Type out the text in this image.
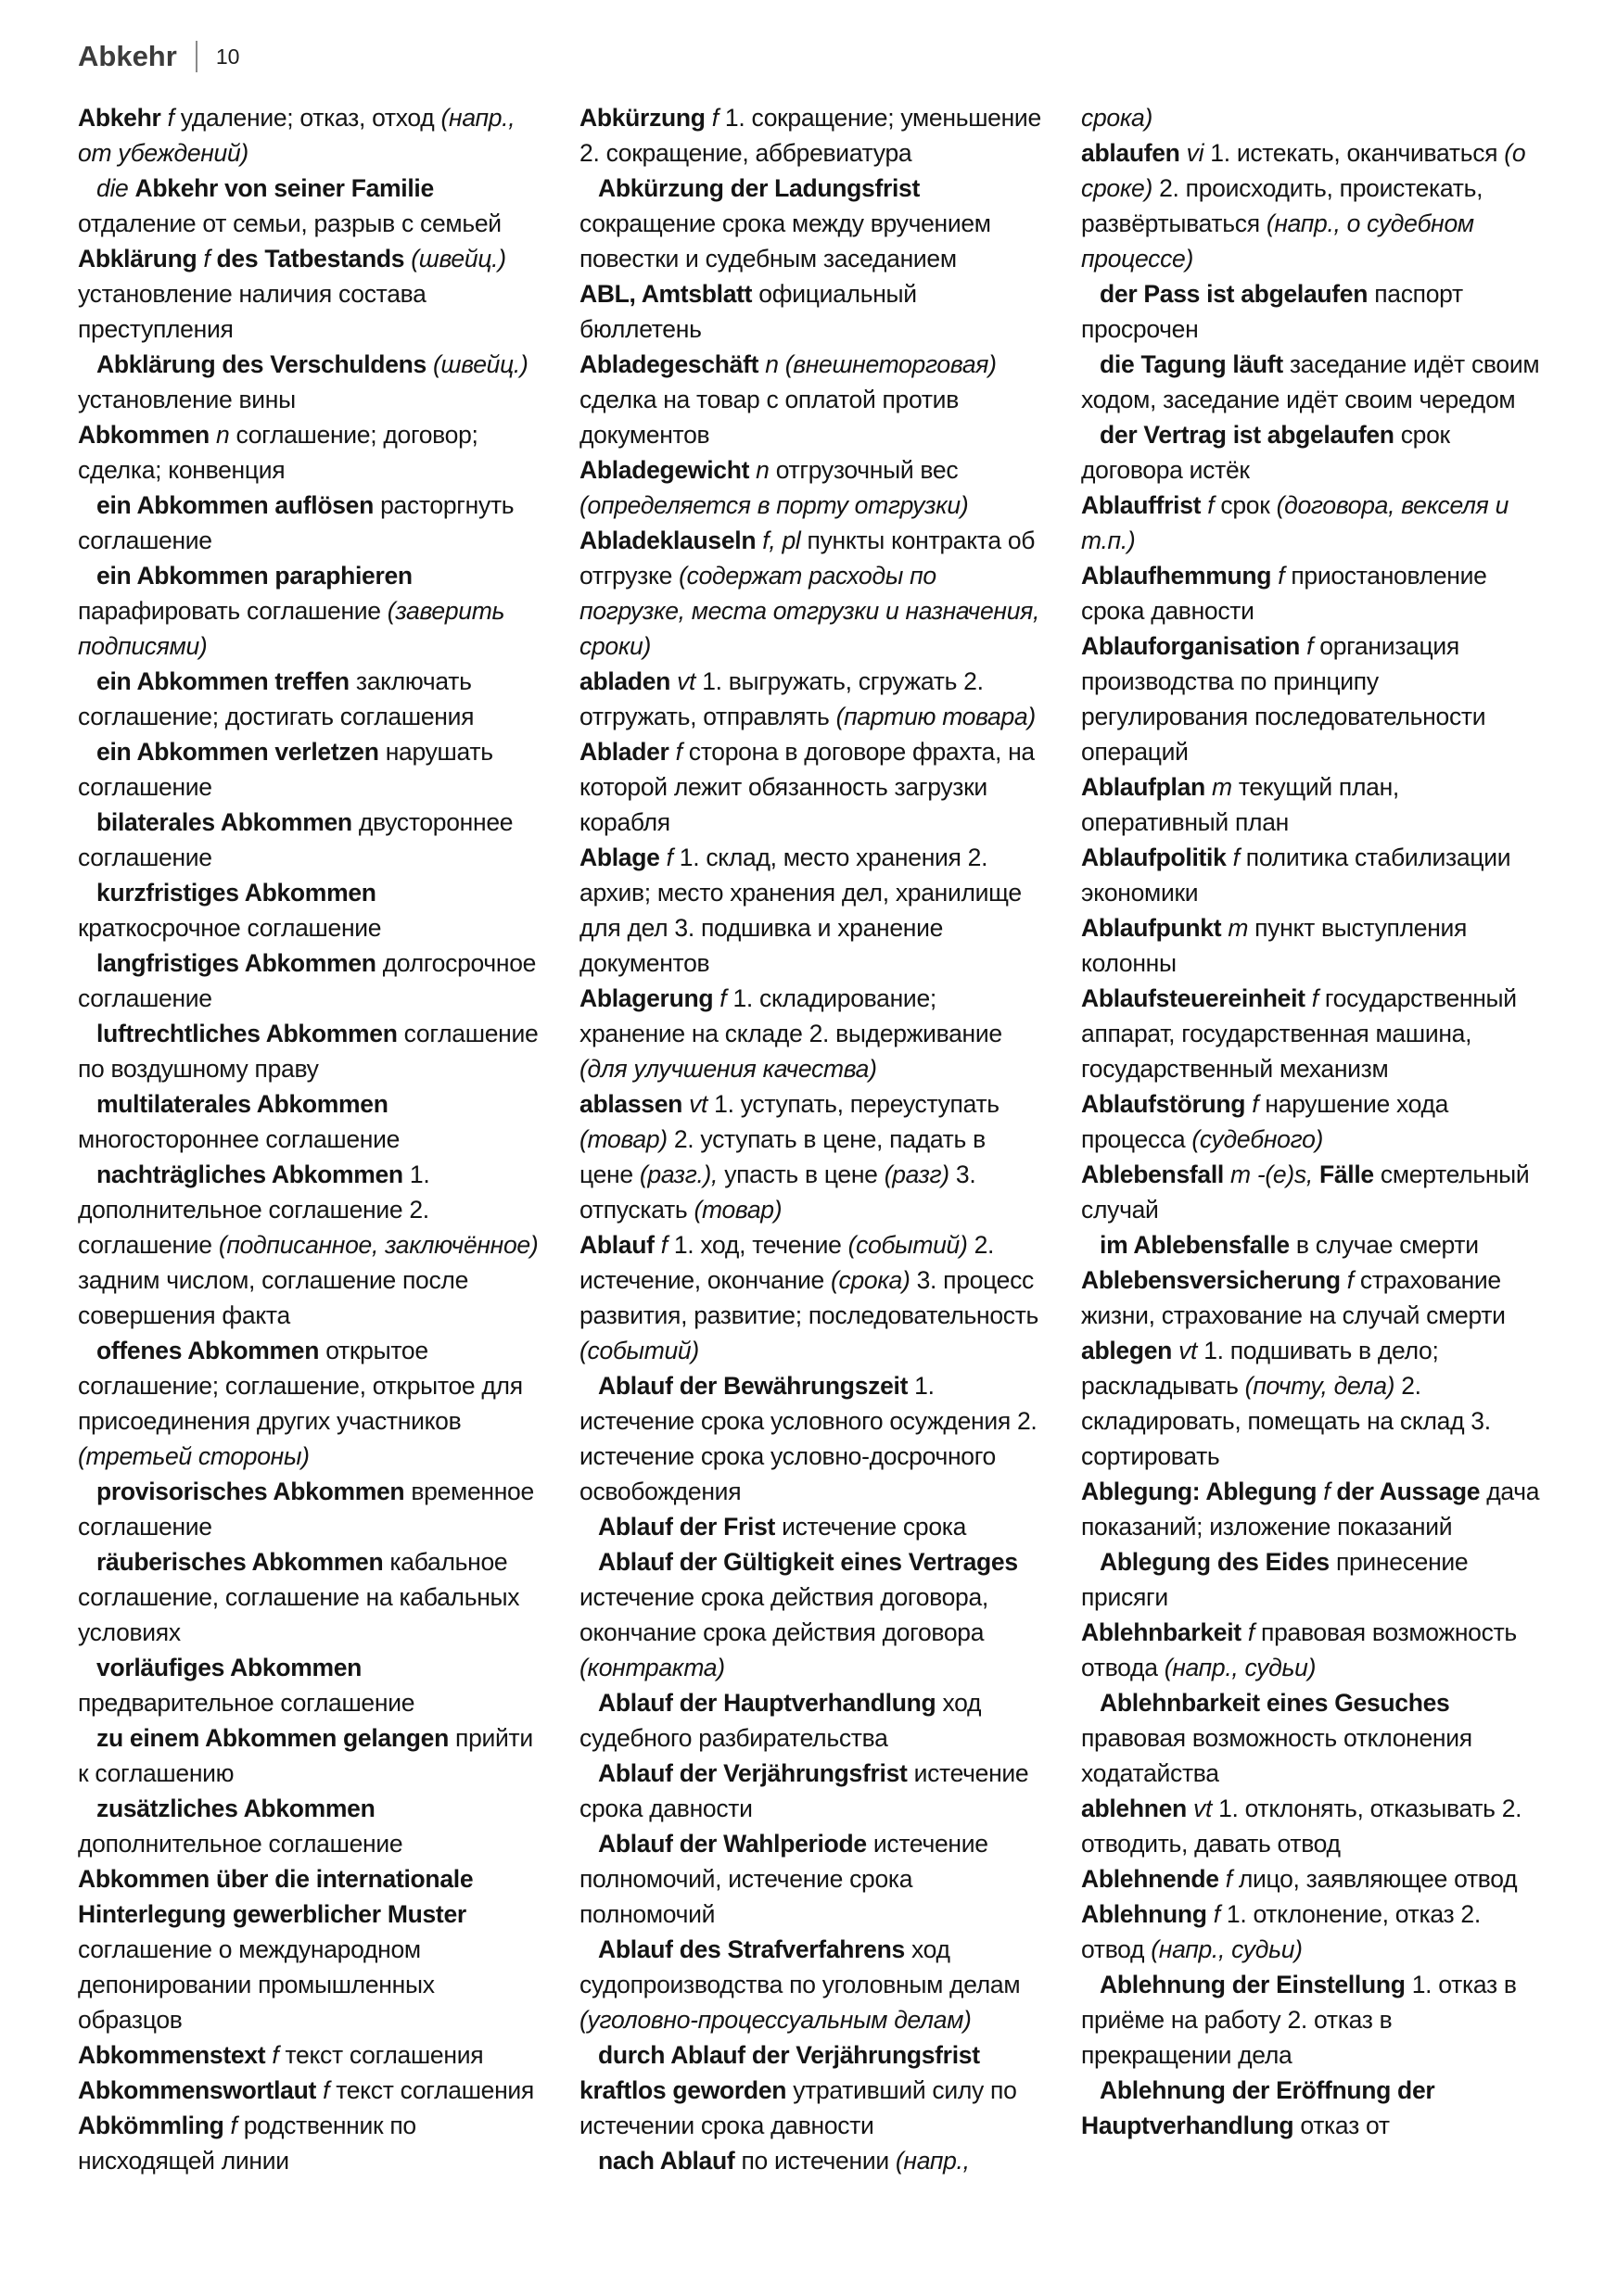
Abkehr 10

Abkehr f удаление; отказ, отход (напр., от убеждений)

die Abkehr von seiner Familie отдаление от семьи, разрыв с семьей

Abklärung f des Tatbestands (швейц.) установление наличия состава преступления

Abklärung des Verschuldens (швейц.) установление вины

Abkommen n соглашение; договор; сделка; конвенция

ein Abkommen auflösen расторгнуть соглашение

ein Abkommen paraphieren парафировать соглашение (заверить подписями)

ein Abkommen treffen заключать соглашение; достигать соглашения

ein Abkommen verletzen нарушать соглашение

bilaterales Abkommen двустороннее соглашение

kurzfristiges Abkommen краткосрочное соглашение

langfristiges Abkommen долгосрочное соглашение

luftrechtliches Abkommen соглашение по воздушному праву

multilaterales Abkommen многостороннее соглашение

nachträgliches Abkommen 1. дополнительное соглашение 2. соглашение (подписанное, заключённое) задним числом, соглашение после совершения факта

offenes Abkommen открытое соглашение; соглашение, открытое для присоединения других участников (третьей стороны)

provisorisches Abkommen временное соглашение

räuberisches Abkommen кабальное соглашение, соглашение на кабальных условиях

vorläufiges Abkommen предварительное соглашение

zu einem Abkommen gelangen прийти к соглашению

zusätzliches Abkommen дополнительное соглашение

Abkommen über die internationale Hinterlegung gewerblicher Muster соглашение о международном депонировании промышленных образцов

Abkommenstext f текст соглашения

Abkommenswortlaut f текст соглашения

Abkömmling f родственник по нисходящей линии

Abkürzung f 1. сокращение; уменьшение 2. сокращение, аббревиатура

Abkürzung der Ladungsfrist сокращение срока между вручением повестки и судебным заседанием

ABL, Amtsblatt официальный бюллетень

Abladegeschäft n (внешнеторговая) сделка на товар с оплатой против документов

Abladegewicht n отгрузочный вес (определяется в порту отгрузки)

Abladeklauseln f, pl пункты контракта об отгрузке (содержат расходы по погрузке, места отгрузки и назначения, сроки)

abladen vt 1. выгружать, сгружать 2. отгружать, отправлять (партию товара)

Ablader f сторона в договоре фрахта, на которой лежит обязанность загрузки корабля

Ablage f 1. склад, место хранения 2. архив; место хранения дел, хранилище для дел 3. подшивка и хранение документов

Ablagerung f 1. складирование; хранение на складе 2. выдерживание (для улучшения качества)

ablassen vt 1. уступать, переуступать (товар) 2. уступать в цене, падать в цене (разг.), упасть в цене (разг) 3. отпускать (товар)

Ablauf f 1. ход, течение (событий) 2. истечение, окончание (срока) 3. процесс развития, развитие; последовательность (событий)

Ablauf der Bewährungszeit 1. истечение срока условного осуждения 2. истечение срока условно-досрочного освобождения

Ablauf der Frist истечение срока

Ablauf der Gültigkeit eines Vertrages истечение срока действия договора, окончание срока действия договора (контракта)

Ablauf der Hauptverhandlung ход судебного разбирательства

Ablauf der Verjährungsfrist истечение срока давности

Ablauf der Wahlperiode истечение полномочий, истечение срока полномочий

Ablauf des Strafverfahrens ход судопроизводства по уголовным делам (уголовно-процессуальным делам)

durch Ablauf der Verjährungsfrist kraftlos geworden утративший силу по истечении срока давности

nach Ablauf по истечении (напр.,

срока)

ablaufen vi 1. истекать, оканчиваться (о сроке) 2. происходить, проистекать, развёртываться (напр., о судебном процессе)

der Pass ist abgelaufen паспорт просрочен

die Tagung läuft заседание идёт своим ходом, заседание идёт своим чередом

der Vertrag ist abgelaufen срок договора истёк

Ablauffrist f срок (договора, векселя и т.п.)

Ablaufhemmung f приостановление срока давности

Ablauforganisation f организация производства по принципу регулирования последовательности операций

Ablaufplan m текущий план, оперативный план

Ablaufpolitik f политика стабилизации экономики

Ablaufpunkt m пункт выступления колонны

Ablaufsteuereinheit f государственный аппарат, государственная машина, государственный механизм

Ablaufstörung f нарушение хода процесса (судебного)

Ablebensfall m -(e)s, Fälle смертельный случай

im Ablebensfalle в случае смерти

Ablebensversicherung f страхование жизни, страхование на случай смерти

ablegen vt 1. подшивать в дело; раскладывать (почту, дела) 2. складировать, помещать на склад 3. сортировать

Ablegung: Ablegung f der Aussage дача показаний; изложение показаний

Ablegung des Eides принесение присяги

Ablehnbarkeit f правовая возможность отвода (напр., судьи)

Ablehnbarkeit eines Gesuches правовая возможность отклонения ходатайства

ablehnen vt 1. отклонять, отказывать 2. отводить, давать отвод

Ablehnende f лицо, заявляющее отвод

Ablehnung f 1. отклонение, отказ 2. отвод (напр., судьи)

Ablehnung der Einstellung 1. отказ в приёме на работу 2. отказ в прекращении дела

Ablehnung der Eröffnung der Hauptverhandlung отказ от
